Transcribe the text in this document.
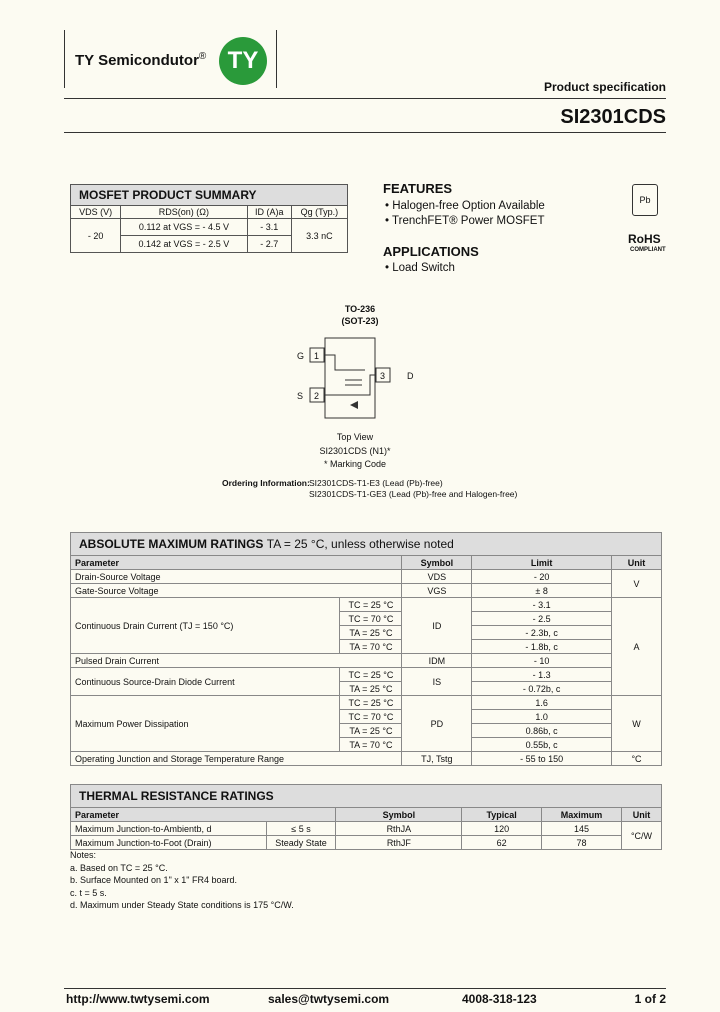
TY Semicondutor® TY
Product specification
SI2301CDS
MOSFET PRODUCT SUMMARY			
VDS (V)	RDS(on) (Ω)	ID (A)a	Qg (Typ.)
- 20	0.112 at VGS = - 4.5 V	- 3.1	3.3 nC
	0.142 at VGS = - 2.5 V	- 2.7	
FEATURES
• Halogen-free Option Available
• TrenchFET® Power MOSFET
APPLICATIONS
• Load Switch
Pb
RoHS
COMPLIANT
TO-236
(SOT-23)
G 1
S 2
3 D
Top View
SI2301CDS (N1)*
* Marking Code
Ordering Information: SI2301CDS-T1-E3 (Lead (Pb)-free)
SI2301CDS-T1-GE3 (Lead (Pb)-free and Halogen-free)
ABSOLUTE MAXIMUM RATINGS TA = 25 °C, unless otherwise noted				
Parameter		Symbol	Limit	Unit
Drain-Source Voltage		VDS	- 20	V
Gate-Source Voltage		VGS	± 8	
Continuous Drain Current (TJ = 150 °C)	TC = 25 °C	ID	- 3.1	A
	TC = 70 °C		- 2.5	
	TA = 25 °C		- 2.3b, c	
	TA = 70 °C		- 1.8b, c	
Pulsed Drain Current		IDM	- 10	
Continuous Source-Drain Diode Current	TC = 25 °C	IS	- 1.3	
	TA = 25 °C		- 0.72b, c	
Maximum Power Dissipation	TC = 25 °C	PD	1.6	W
	TC = 70 °C		1.0	
	TA = 25 °C		0.86b, c	
	TA = 70 °C		0.55b, c	
Operating Junction and Storage Temperature Range		TJ, Tstg	- 55 to 150	°C
THERMAL RESISTANCE RATINGS					
Parameter		Symbol	Typical	Maximum	Unit
Maximum Junction-to-Ambientb, d	≤ 5 s	RthJA	120	145	°C/W
Maximum Junction-to-Foot (Drain)	Steady State	RthJF	62	78	
Notes:
a. Based on TC = 25 °C.
b. Surface Mounted on 1" x 1" FR4 board.
c. t = 5 s.
d. Maximum under Steady State conditions is 175 °C/W.
http://www.twtysemi.com	sales@twtysemi.com	4008-318-123	1 of 2
